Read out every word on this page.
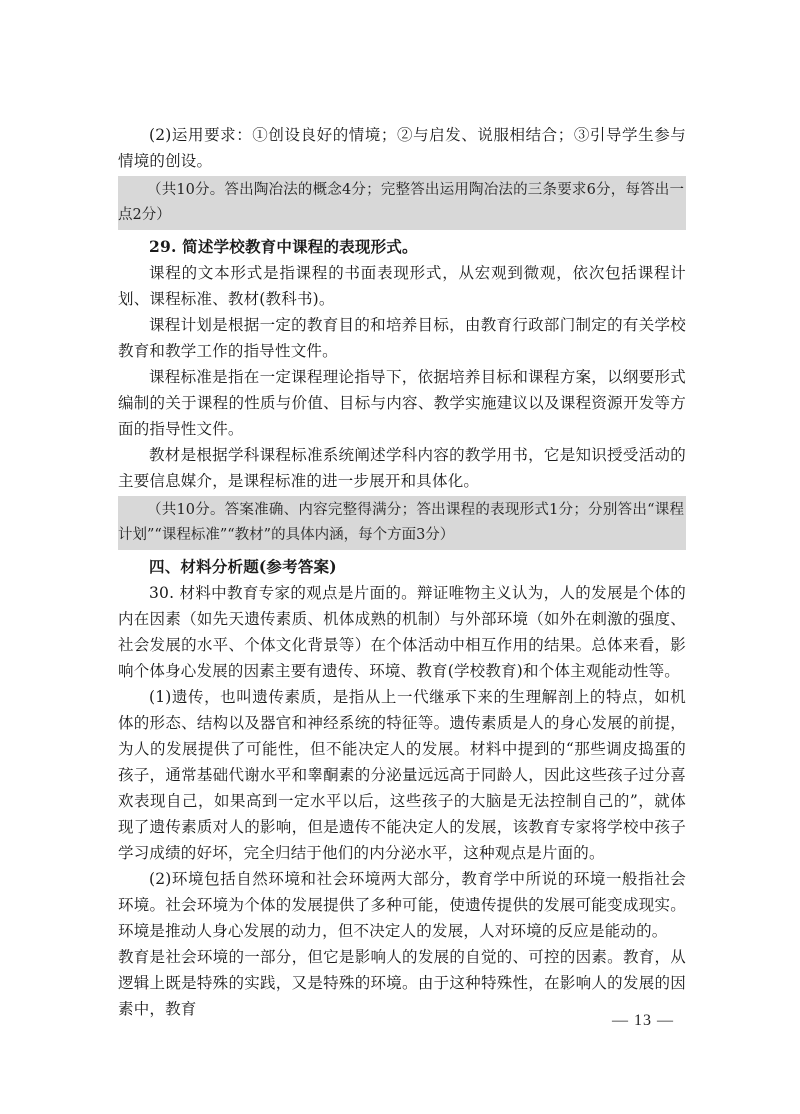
(2)运用要求：①创设良好的情境；②与启发、说服相结合；③引导学生参与情境的创设。

（共10分。答出陶冶法的概念4分；完整答出运用陶冶法的三条要求6分，每答出一点2分）

29. 简述学校教育中课程的表现形式。

课程的文本形式是指课程的书面表现形式，从宏观到微观，依次包括课程计划、课程标准、教材(教科书)。

课程计划是根据一定的教育目的和培养目标，由教育行政部门制定的有关学校教育和教学工作的指导性文件。

课程标准是指在一定课程理论指导下，依据培养目标和课程方案，以纲要形式编制的关于课程的性质与价值、目标与内容、教学实施建议以及课程资源开发等方面的指导性文件。

教材是根据学科课程标准系统阐述学科内容的教学用书，它是知识授受活动的主要信息媒介，是课程标准的进一步展开和具体化。

（共10分。答案准确、内容完整得满分；答出课程的表现形式1分；分别答出“课程计划”“课程标准”“教材”的具体内涵，每个方面3分）

四、材料分析题(参考答案)

30. 材料中教育专家的观点是片面的。辩证唯物主义认为，人的发展是个体的内在因素（如先天遗传素质、机体成熟的机制）与外部环境（如外在刺激的强度、社会发展的水平、个体文化背景等）在个体活动中相互作用的结果。总体来看，影响个体身心发展的因素主要有遗传、环境、教育(学校教育)和个体主观能动性等。

(1)遗传，也叫遗传素质，是指从上一代继承下来的生理解剖上的特点，如机体的形态、结构以及器官和神经系统的特征等。遗传素质是人的身心发展的前提，为人的发展提供了可能性，但不能决定人的发展。材料中提到的“那些调皮捣蛋的孩子，通常基础代谢水平和睾酮素的分泌量远远高于同龄人，因此这些孩子过分喜欢表现自己，如果高到一定水平以后，这些孩子的大脑是无法控制自己的”，就体现了遗传素质对人的影响，但是遗传不能决定人的发展，该教育专家将学校中孩子学习成绩的好坏，完全归结于他们的内分泌水平，这种观点是片面的。

(2)环境包括自然环境和社会环境两大部分，教育学中所说的环境一般指社会环境。社会环境为个体的发展提供了多种可能，使遗传提供的发展可能变成现实。环境是推动人身心发展的动力，但不决定人的发展，人对环境的反应是能动的。

教育是社会环境的一部分，但它是影响人的发展的自觉的、可控的因素。教育，从逻辑上既是特殊的实践，又是特殊的环境。由于这种特殊性，在影响人的发展的因素中，教育

— 13 —
